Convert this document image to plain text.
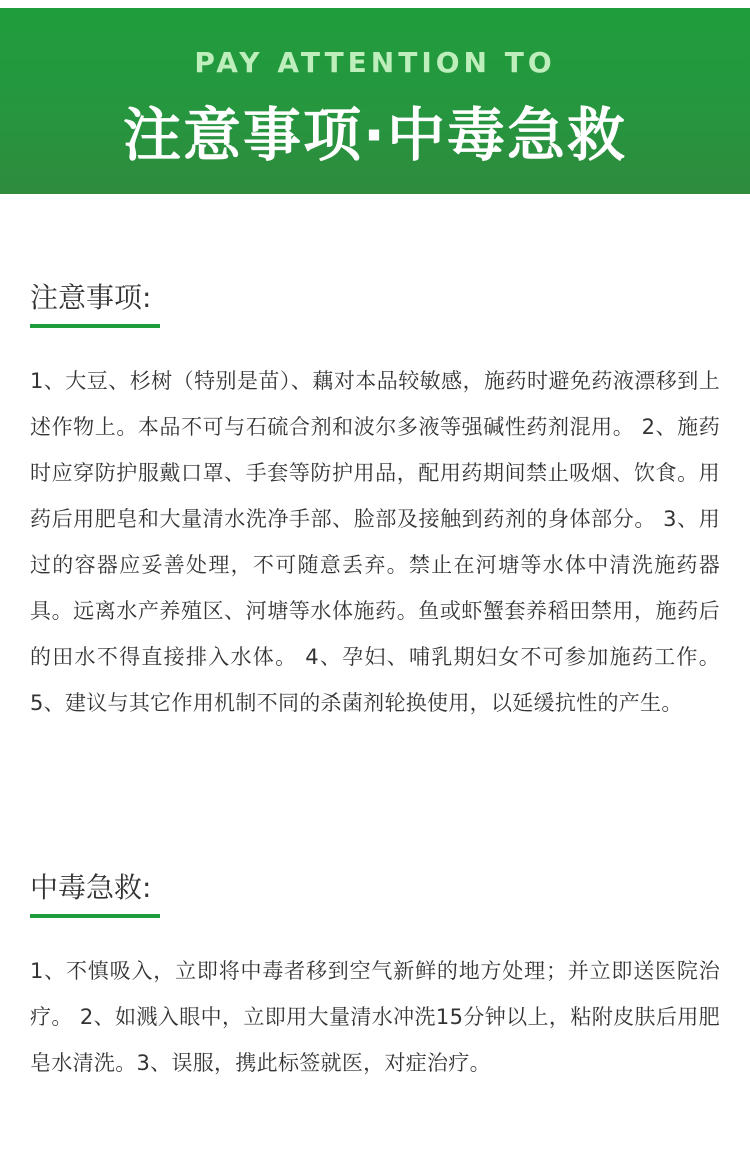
PAY ATTENTION TO
注意事项·中毒急救
注意事项:
1、大豆、杉树（特别是苗）、藕对本品较敏感，施药时避免药液漂移到上述作物上。本品不可与石硫合剂和波尔多液等强碱性药剂混用。 2、施药时应穿防护服戴口罩、手套等防护用品，配用药期间禁止吸烟、饮食。用药后用肥皂和大量清水洗净手部、脸部及接触到药剂的身体部分。 3、用过的容器应妥善处理，不可随意丢弃。禁止在河塘等水体中清洗施药器具。远离水产养殖区、河塘等水体施药。鱼或虾蟹套养稻田禁用，施药后的田水不得直接排入水体。 4、孕妇、哺乳期妇女不可参加施药工作。 5、建议与其它作用机制不同的杀菌剂轮换使用，以延缓抗性的产生。
中毒急救:
1、不慎吸入，立即将中毒者移到空气新鲜的地方处理；并立即送医院治疗。 2、如溅入眼中，立即用大量清水冲洗15分钟以上，粘附皮肤后用肥皂水清洗。3、误服，携此标签就医，对症治疗。
